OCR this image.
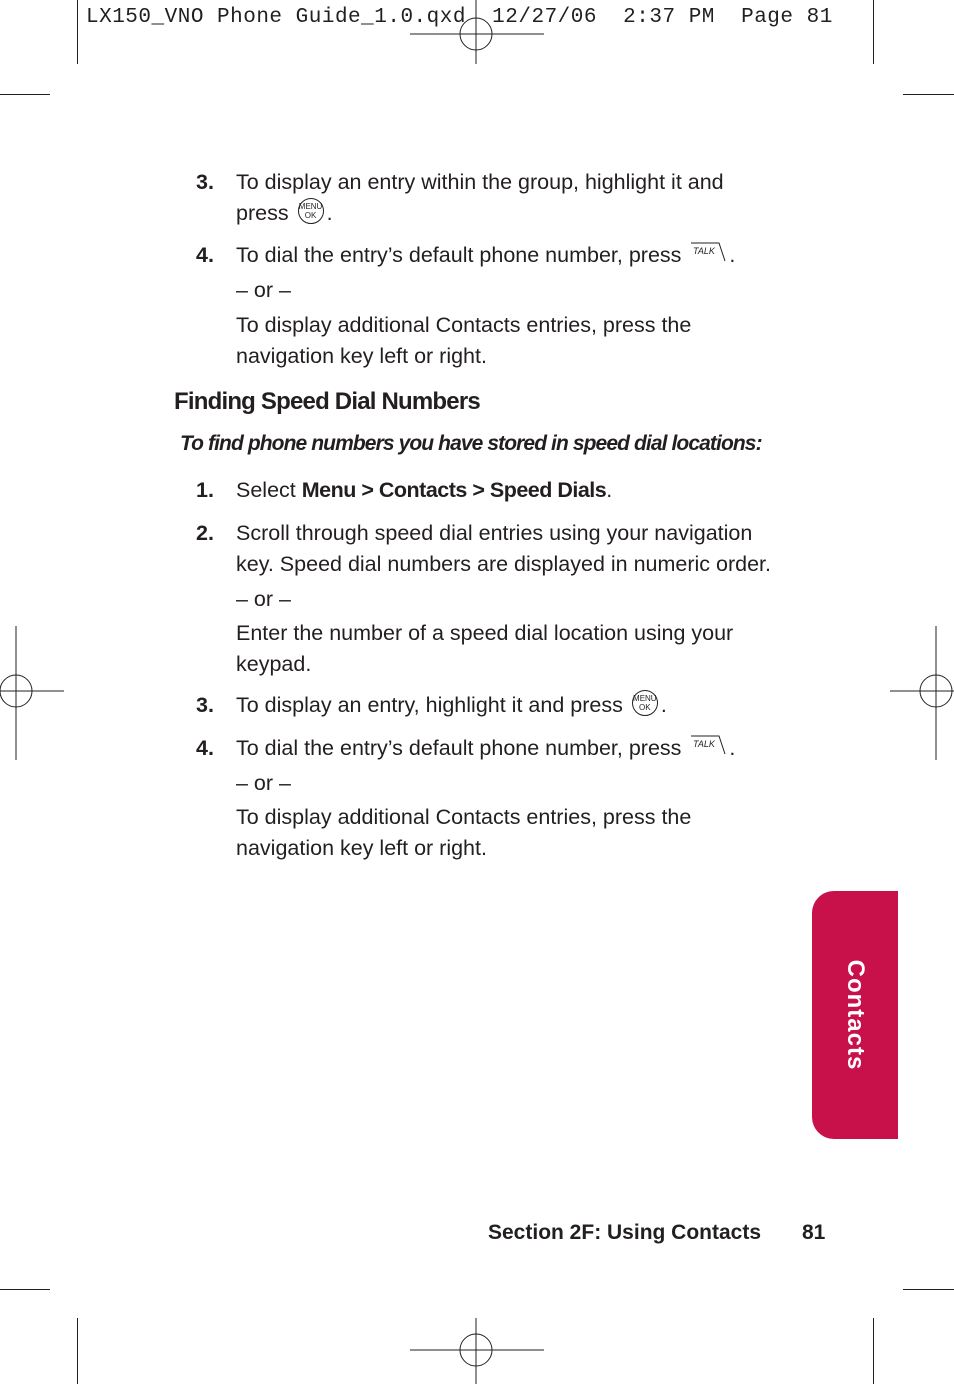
LX150_VNO Phone Guide_1.0.qxd  12/27/06  2:37 PM  Page 81
3. To display an entry within the group, highlight it and
press MENU
OK .
4. To dial the entry’s default phone number, press TALK .
– or –
To display additional Contacts entries, press the
navigation key left or right.
Finding Speed Dial Numbers
To find phone numbers you have stored in speed dial locations:
1. Select Menu > Contacts > Speed Dials.
2. Scroll through speed dial entries using your navigation
key. Speed dial numbers are displayed in numeric order.
– or –
Enter the number of a speed dial location using your
keypad.
3. To display an entry, highlight it and press MENU
OK .
4. To dial the entry’s default phone number, press TALK .
– or –
To display additional Contacts entries, press the
navigation key left or right.
Contacts
Section 2F: Using Contacts 81
